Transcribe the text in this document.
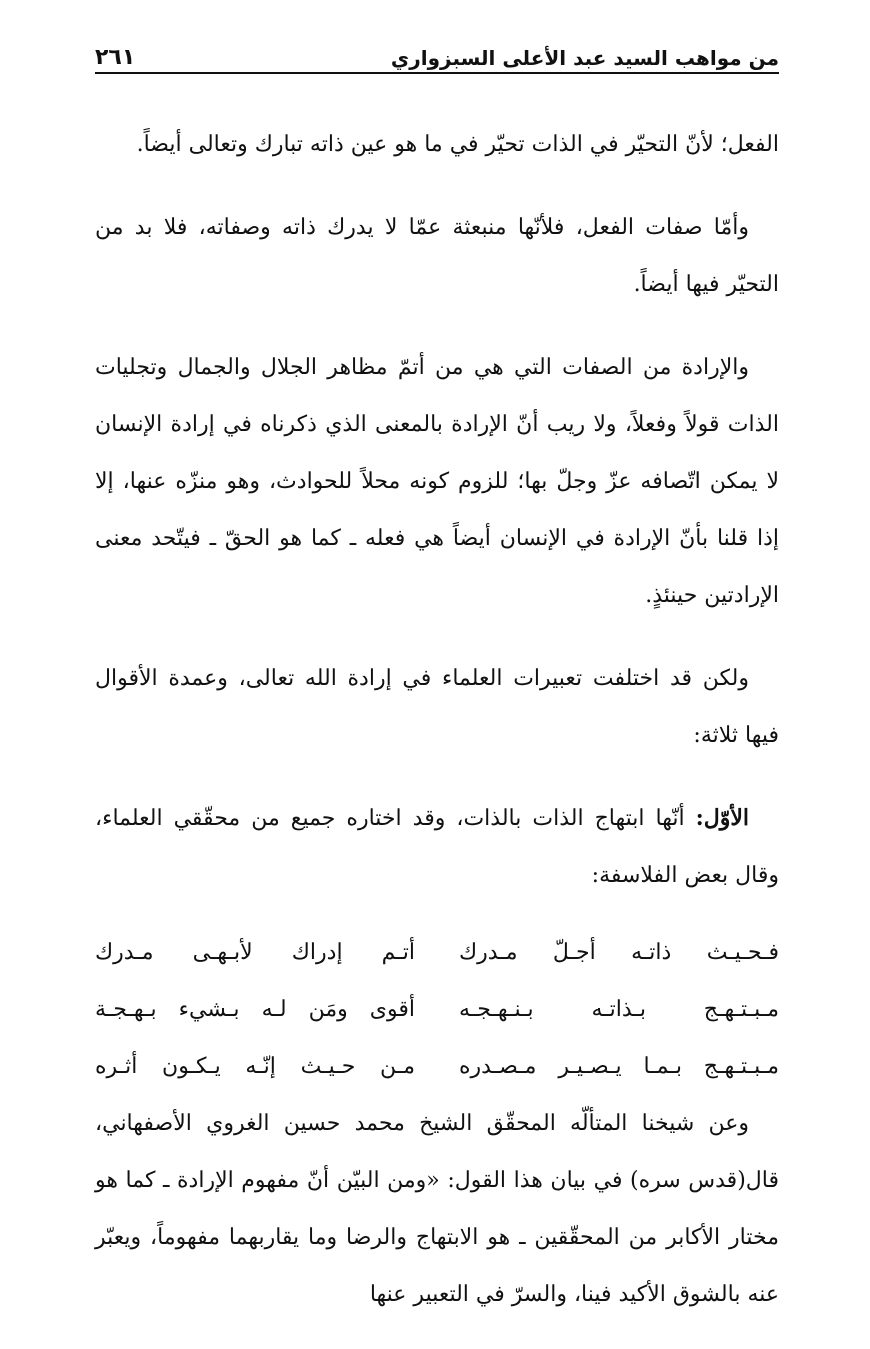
من مواهب السيد عبد الأعلى السبزواري
٢٦١

الفعل؛ لأنّ التحيّر في الذات تحيّر في ما هو عين ذاته تبارك وتعالى أيضاً.

وأمّا صفات الفعل، فلأنّها منبعثة عمّا لا يدرك ذاته وصفاته، فلا بد من التحيّر فيها أيضاً.

والإرادة من الصفات التي هي من أتمّ مظاهر الجلال والجمال وتجليات الذات قولاً وفعلاً، ولا ريب أنّ الإرادة بالمعنى الذي ذكرناه في إرادة الإنسان لا يمكن اتّصافه عزّ وجلّ بها؛ للزوم كونه محلاً للحوادث، وهو منزّه عنها، إلا إذا قلنا بأنّ الإرادة في الإنسان أيضاً هي فعله ـ كما هو الحقّ ـ فيتّحد معنى الإرادتين حينئذٍ.

ولكن قد اختلفت تعبيرات العلماء في إرادة الله تعالى، وعمدة الأقوال فيها ثلاثة:

الأوّل: أنّها ابتهاج الذات بالذات، وقد اختاره جميع من محقّقي العلماء، وقال بعض الفلاسفة:

فـحـيـث ذاتـه أجـلّ مـدرك
أتـم إدراك لأبـهـى مـدرك
مـبـتـهـج بـذاتـه بـنـهـجـه
أقوى ومَن لـه بـشيء بـهـجـة
مـبـتـهـج بـمـا يـصـيـر مـصـدره
مـن حـيـث إنّـه يـكـون أثـره

وعن شيخنا المتألّه المحقّق الشيخ محمد حسين الغروي الأصفهاني، قال(قدس سره) في بيان هذا القول: «ومن البيّن أنّ مفهوم الإرادة ـ كما هو مختار الأكابر من المحقّقين ـ هو الابتهاج والرضا وما يقاربهما مفهوماً، ويعبّر عنه بالشوق الأكيد فينا، والسرّ في التعبير عنها
